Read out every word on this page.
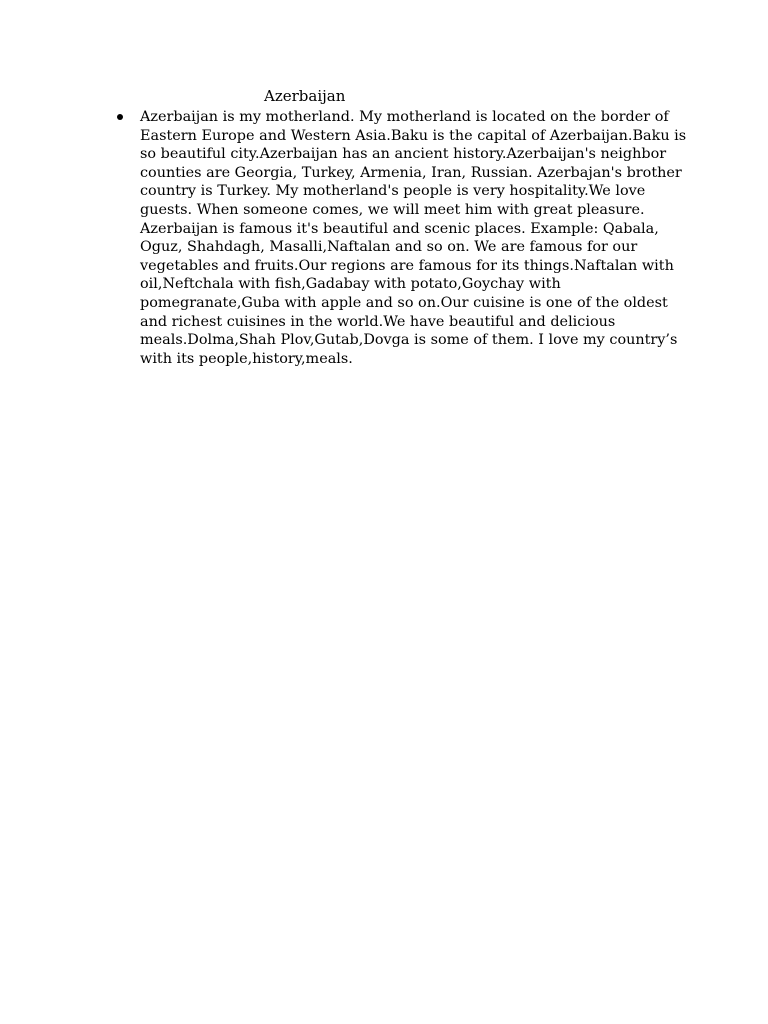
Azerbaijan
Azerbaijan is my motherland. My motherland is located on the border of
Eastern Europe and Western Asia.Baku is the capital of Azerbaijan.Baku is
so beautiful city.Azerbaijan has an ancient history.Azerbaijan's neighbor
counties are Georgia, Turkey, Armenia, Iran, Russian. Azerbajan's brother
country is Turkey. My motherland's people is very hospitality.We love
guests. When someone comes, we will meet him with great pleasure.
Azerbaijan is famous it's beautiful and scenic places. Example: Qabala,
Oguz, Shahdagh, Masalli,Naftalan and so on. We are famous for our
vegetables and fruits.Our regions are famous for its things.Naftalan with
oil,Neftchala with fish,Gadabay with potato,Goychay with
pomegranate,Guba with apple and so on.Our cuisine is one of the oldest
and richest cuisines in the world.We have beautiful and delicious
meals.Dolma,Shah Plov,Gutab,Dovga is some of them. I love my country’s
with its people,history,meals.
